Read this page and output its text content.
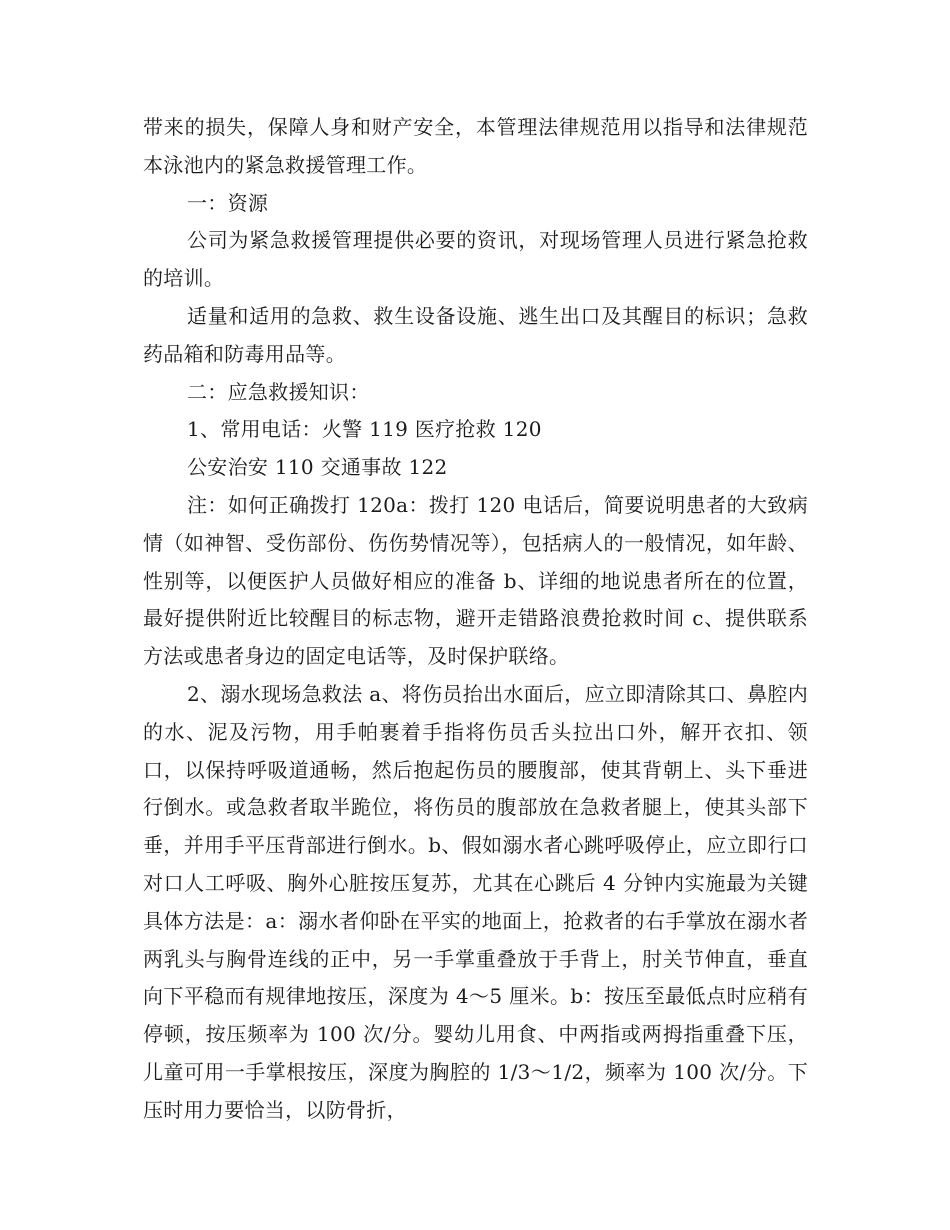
带来的损失，保障人身和财产安全，本管理法律规范用以指导和法律规范本泳池内的紧急救援管理工作。

一：资源

公司为紧急救援管理提供必要的资讯，对现场管理人员进行紧急抢救的培训。

适量和适用的急救、救生设备设施、逃生出口及其醒目的标识；急救药品箱和防毒用品等。

二：应急救援知识：

1、常用电话：火警 119 医疗抢救 120

公安治安 110 交通事故 122

注：如何正确拨打 120a：拨打 120 电话后，简要说明患者的大致病情（如神智、受伤部份、伤伤势情况等），包括病人的一般情况，如年龄、性别等，以便医护人员做好相应的准备 b、详细的地说患者所在的位置，最好提供附近比较醒目的标志物，避开走错路浪费抢救时间 c、提供联系方法或患者身边的固定电话等，及时保护联络。

2、溺水现场急救法 a、将伤员抬出水面后，应立即清除其口、鼻腔内的水、泥及污物，用手帕裹着手指将伤员舌头拉出口外，解开衣扣、领口，以保持呼吸道通畅，然后抱起伤员的腰腹部，使其背朝上、头下垂进行倒水。或急救者取半跪位，将伤员的腹部放在急救者腿上，使其头部下垂，并用手平压背部进行倒水。b、假如溺水者心跳呼吸停止，应立即行口对口人工呼吸、胸外心脏按压复苏，尤其在心跳后 4 分钟内实施最为关键具体方法是：a：溺水者仰卧在平实的地面上，抢救者的右手掌放在溺水者两乳头与胸骨连线的正中，另一手掌重叠放于手背上，肘关节伸直，垂直向下平稳而有规律地按压，深度为 4～5 厘米。b：按压至最低点时应稍有停顿，按压频率为 100 次/分。婴幼儿用食、中两指或两拇指重叠下压，儿童可用一手掌根按压，深度为胸腔的 1/3～1/2，频率为 100 次/分。下压时用力要恰当，以防骨折，
